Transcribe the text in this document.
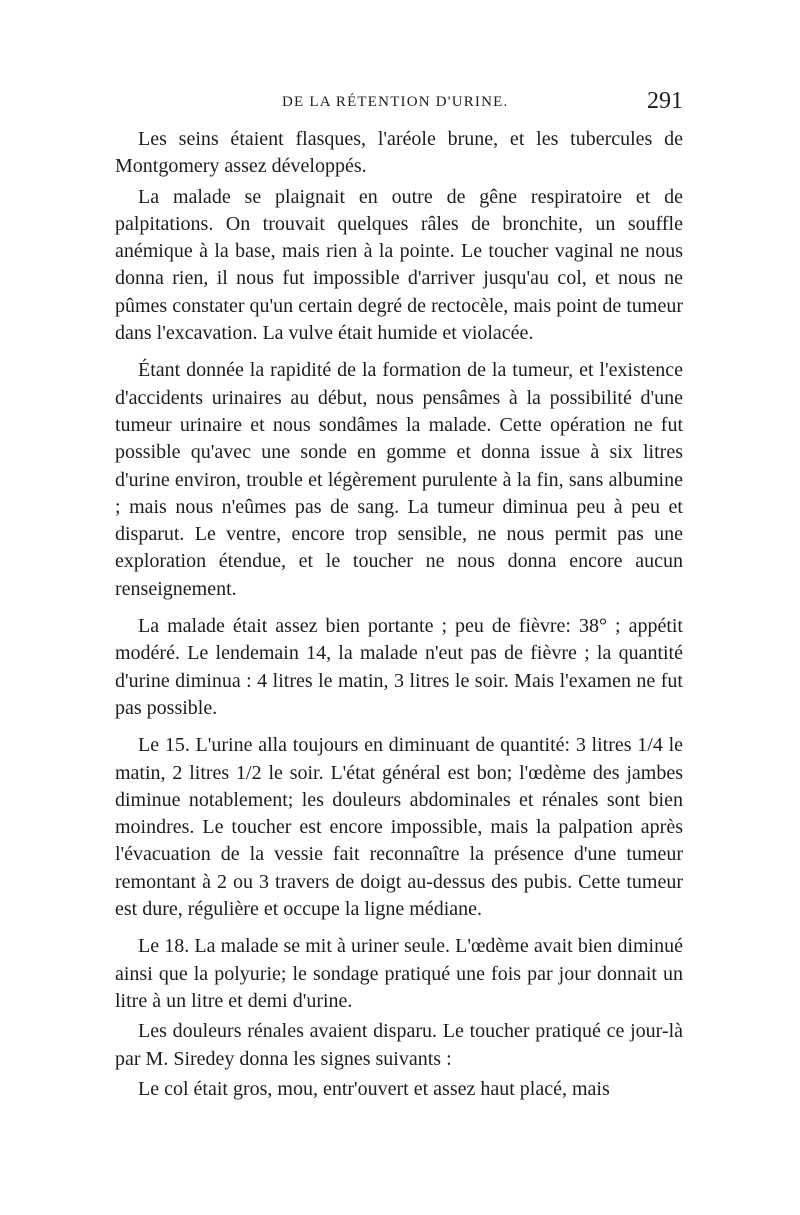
DE LA RÉTENTION D'URINE.	291

Les seins étaient flasques, l'aréole brune, et les tubercules de Montgomery assez développés.

La malade se plaignait en outre de gêne respiratoire et de palpitations. On trouvait quelques râles de bronchite, un souffle anémique à la base, mais rien à la pointe. Le toucher vaginal ne nous donna rien, il nous fut impossible d'arriver jusqu'au col, et nous ne pûmes constater qu'un certain degré de rectocèle, mais point de tumeur dans l'excavation. La vulve était humide et violacée.

Étant donnée la rapidité de la formation de la tumeur, et l'existence d'accidents urinaires au début, nous pensâmes à la possibilité d'une tumeur urinaire et nous sondâmes la malade. Cette opération ne fut possible qu'avec une sonde en gomme et donna issue à six litres d'urine environ, trouble et légèrement purulente à la fin, sans albumine ; mais nous n'eûmes pas de sang. La tumeur diminua peu à peu et disparut. Le ventre, encore trop sensible, ne nous permit pas une exploration étendue, et le toucher ne nous donna encore aucun renseignement.

La malade était assez bien portante ; peu de fièvre: 38° ; appétit modéré. Le lendemain 14, la malade n'eut pas de fièvre ; la quantité d'urine diminua : 4 litres le matin, 3 litres le soir. Mais l'examen ne fut pas possible.

Le 15. L'urine alla toujours en diminuant de quantité: 3 litres 1/4 le matin, 2 litres 1/2 le soir. L'état général est bon; l'œdème des jambes diminue notablement; les douleurs abdominales et rénales sont bien moindres. Le toucher est encore impossible, mais la palpation après l'évacuation de la vessie fait reconnaître la présence d'une tumeur remontant à 2 ou 3 travers de doigt au-dessus des pubis. Cette tumeur est dure, régulière et occupe la ligne médiane.

Le 18. La malade se mit à uriner seule. L'œdème avait bien diminué ainsi que la polyurie; le sondage pratiqué une fois par jour donnait un litre à un litre et demi d'urine.

Les douleurs rénales avaient disparu. Le toucher pratiqué ce jour-là par M. Siredey donna les signes suivants :

Le col était gros, mou, entr'ouvert et assez haut placé, mais
